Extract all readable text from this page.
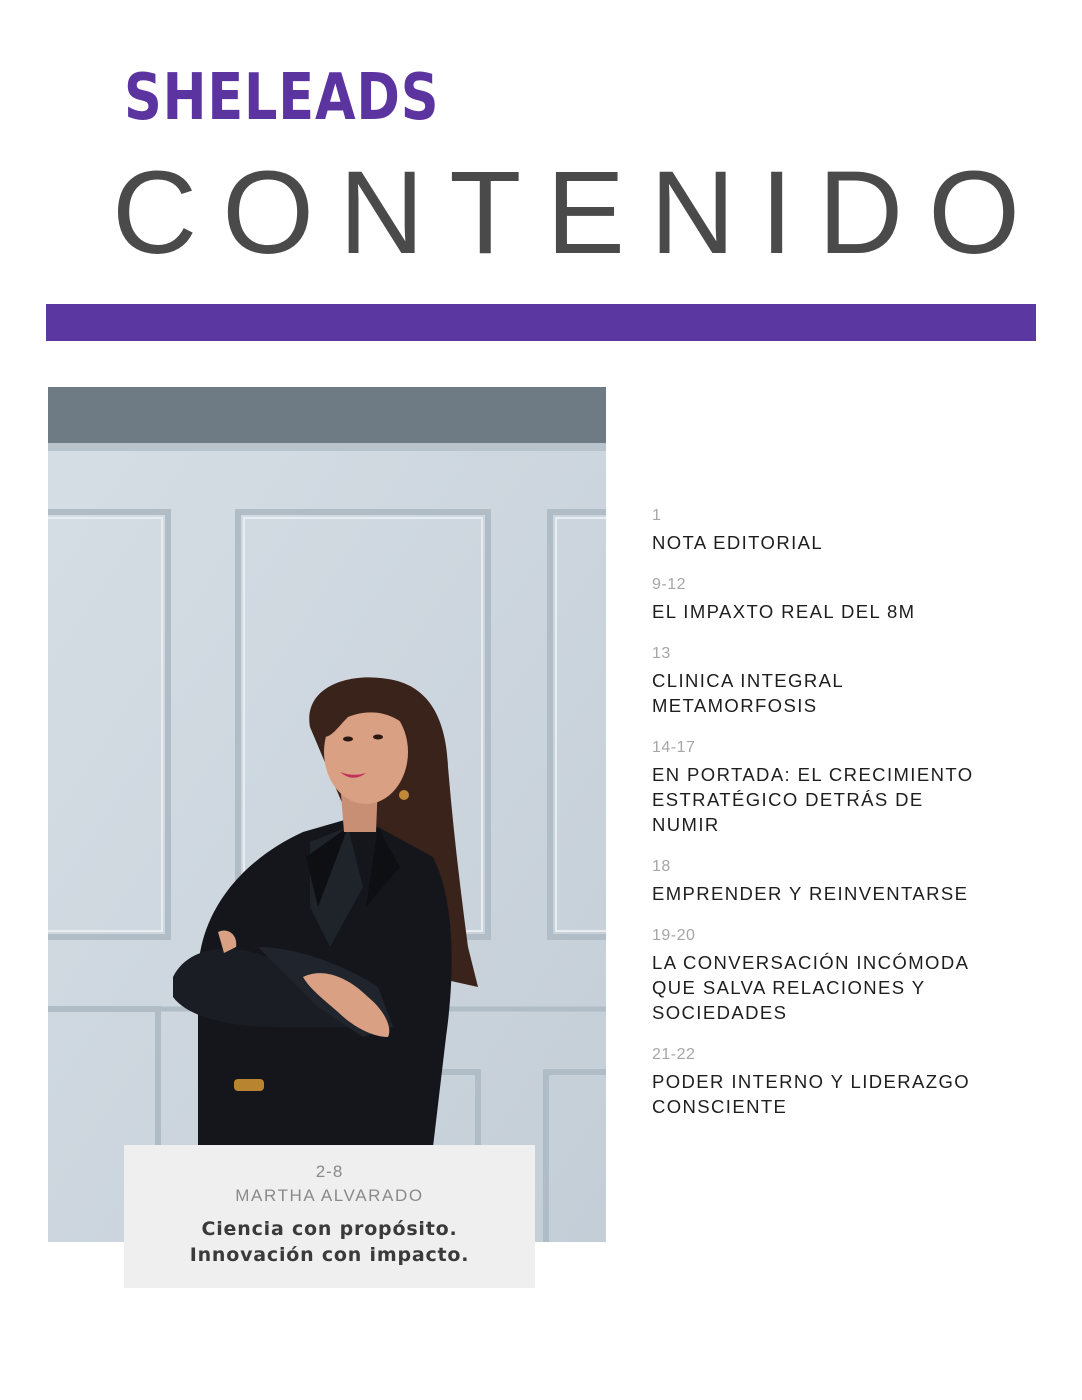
SHELEADS
CONTENIDO
2-8
MARTHA ALVARADO
Ciencia con propósito.
Innovación con impacto.
1
NOTA EDITORIAL
9-12
EL IMPAXTO REAL DEL 8M
13
CLINICA INTEGRAL
METAMORFOSIS
14-17
EN PORTADA: EL CRECIMIENTO
ESTRATÉGICO DETRÁS DE
NUMIR
18
EMPRENDER Y REINVENTARSE
19-20
LA CONVERSACIÓN INCÓMODA
QUE SALVA RELACIONES Y
SOCIEDADES
21-22
PODER INTERNO Y LIDERAZGO
CONSCIENTE
